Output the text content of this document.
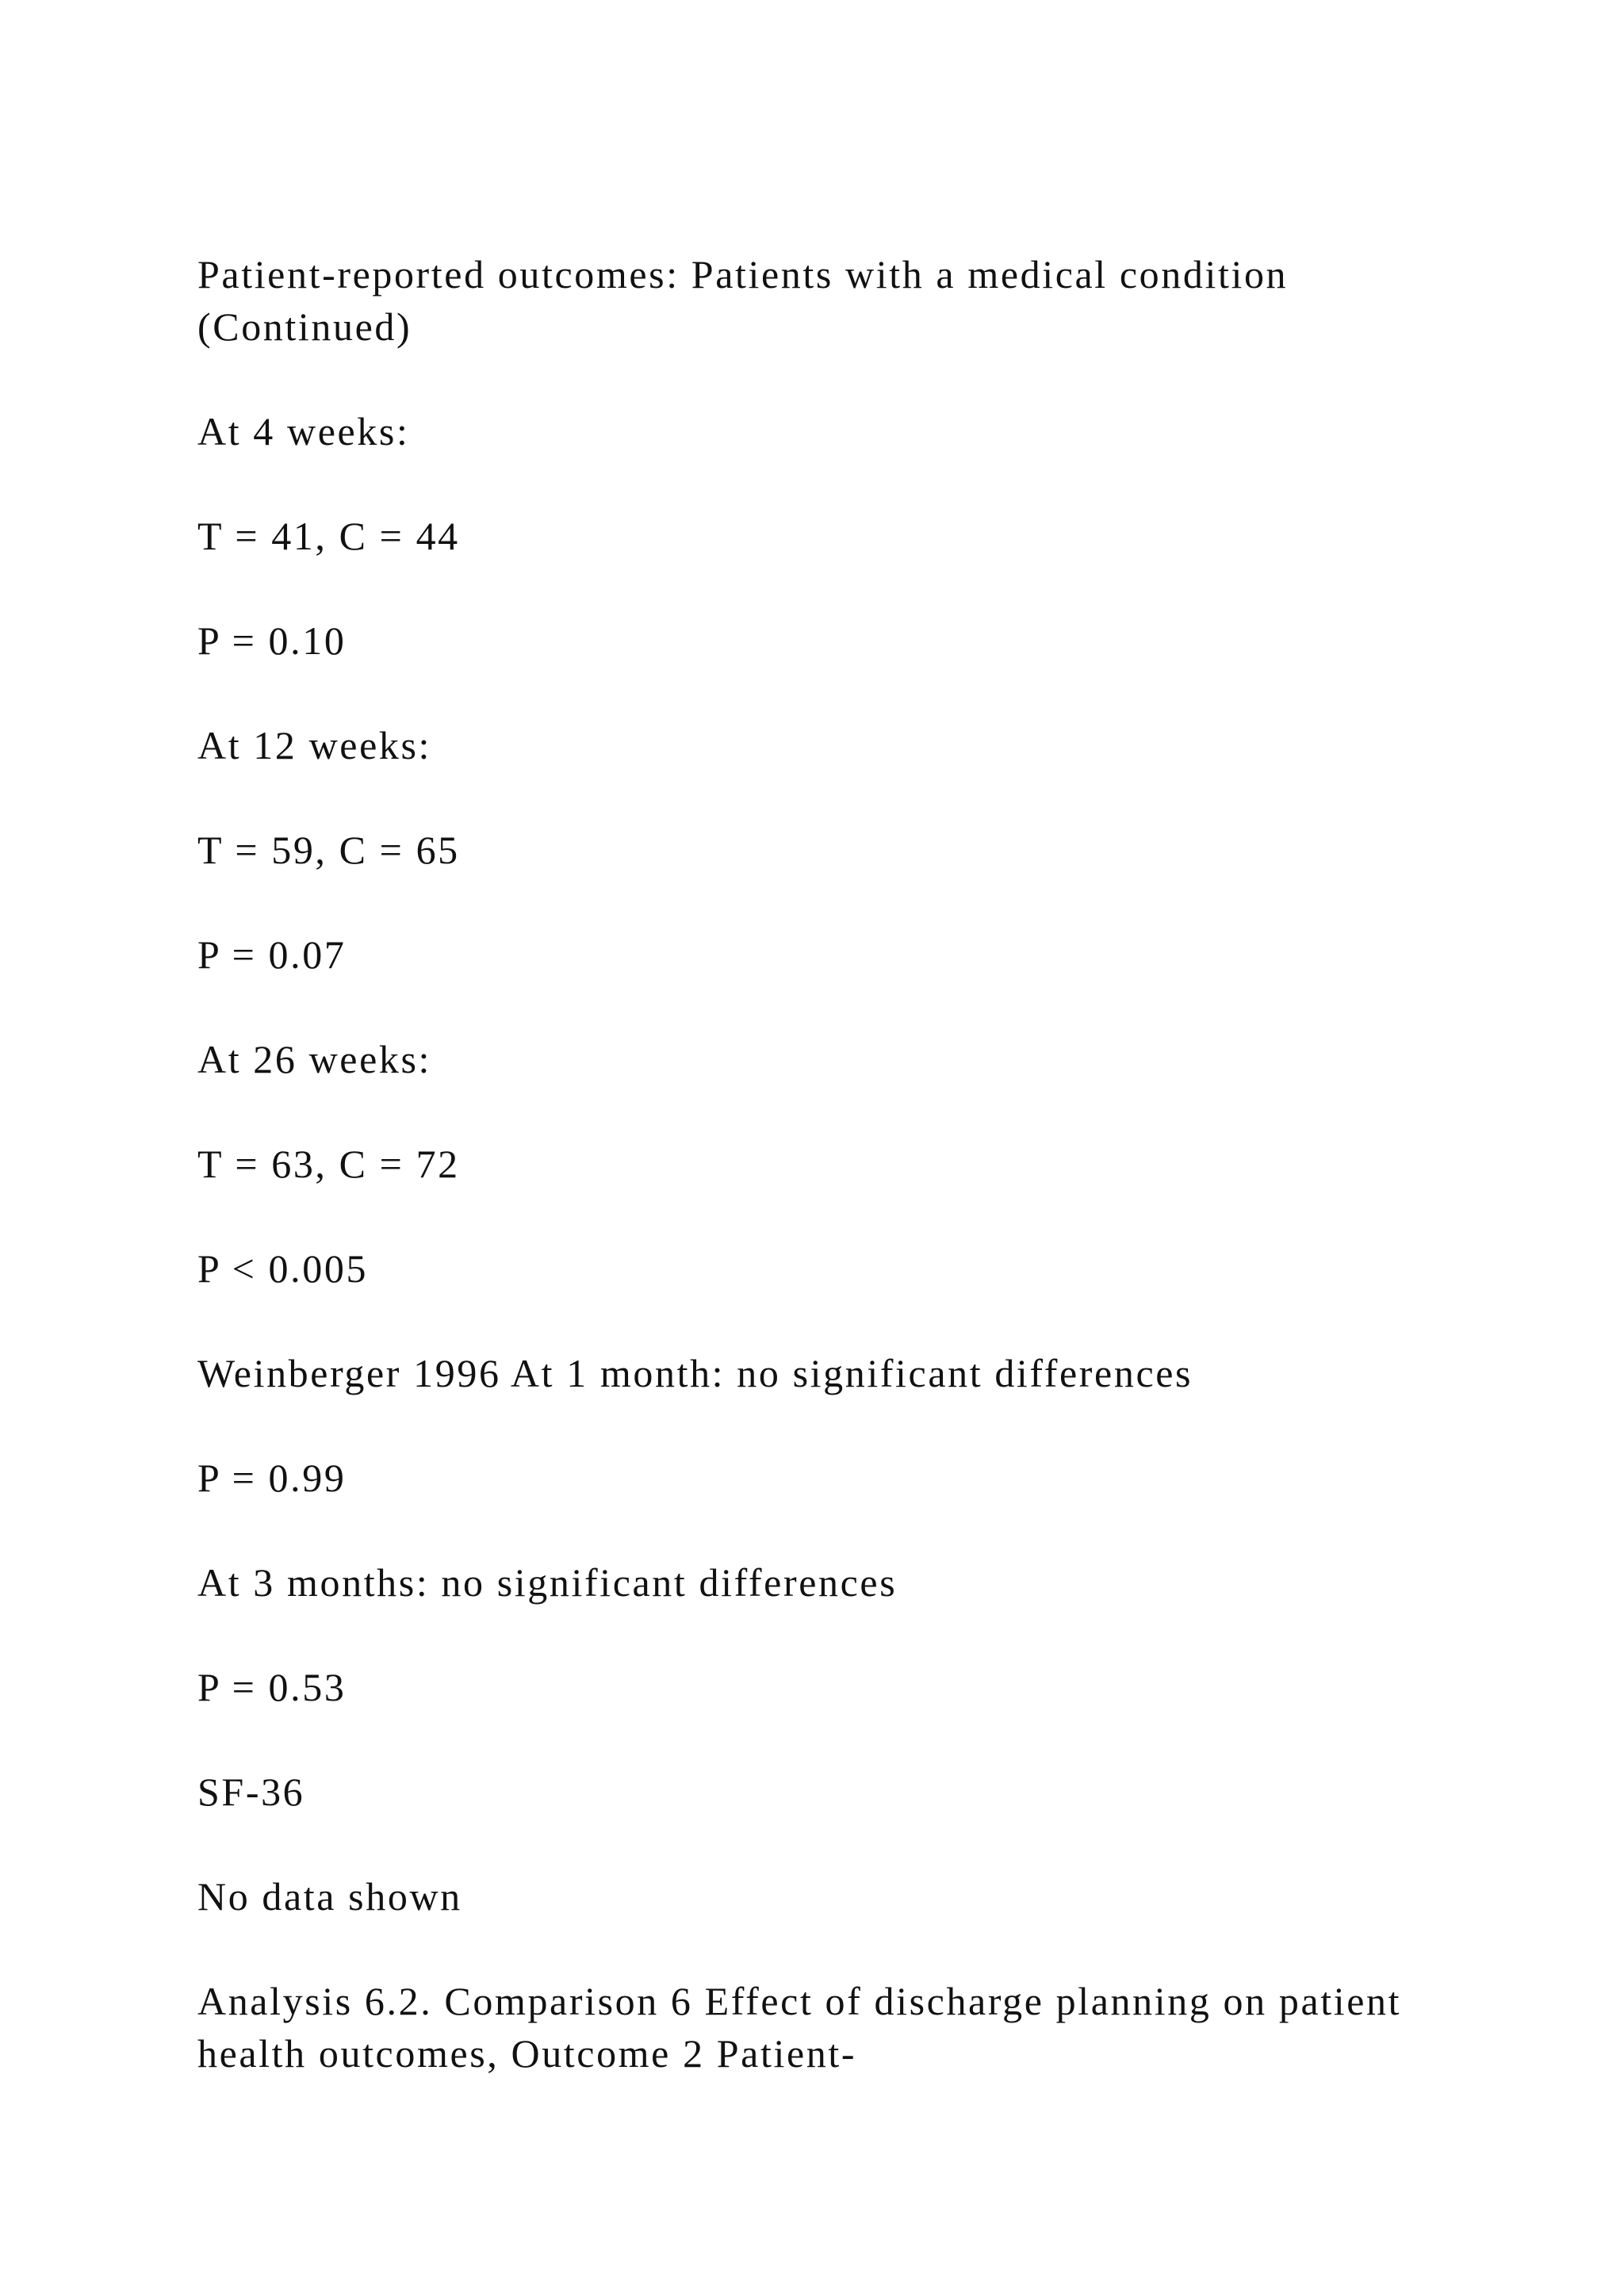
Patient-reported outcomes: Patients with a medical condition (Continued)

At 4 weeks:

T = 41, C = 44

P = 0.10

At 12 weeks:

T = 59, C = 65

P = 0.07

At 26 weeks:

T = 63, C = 72

P < 0.005

Weinberger 1996 At 1 month: no significant differences

P = 0.99

At 3 months: no significant differences

P = 0.53

SF-36

No data shown

Analysis 6.2. Comparison 6 Effect of discharge planning on patient health outcomes, Outcome 2 Patient-
